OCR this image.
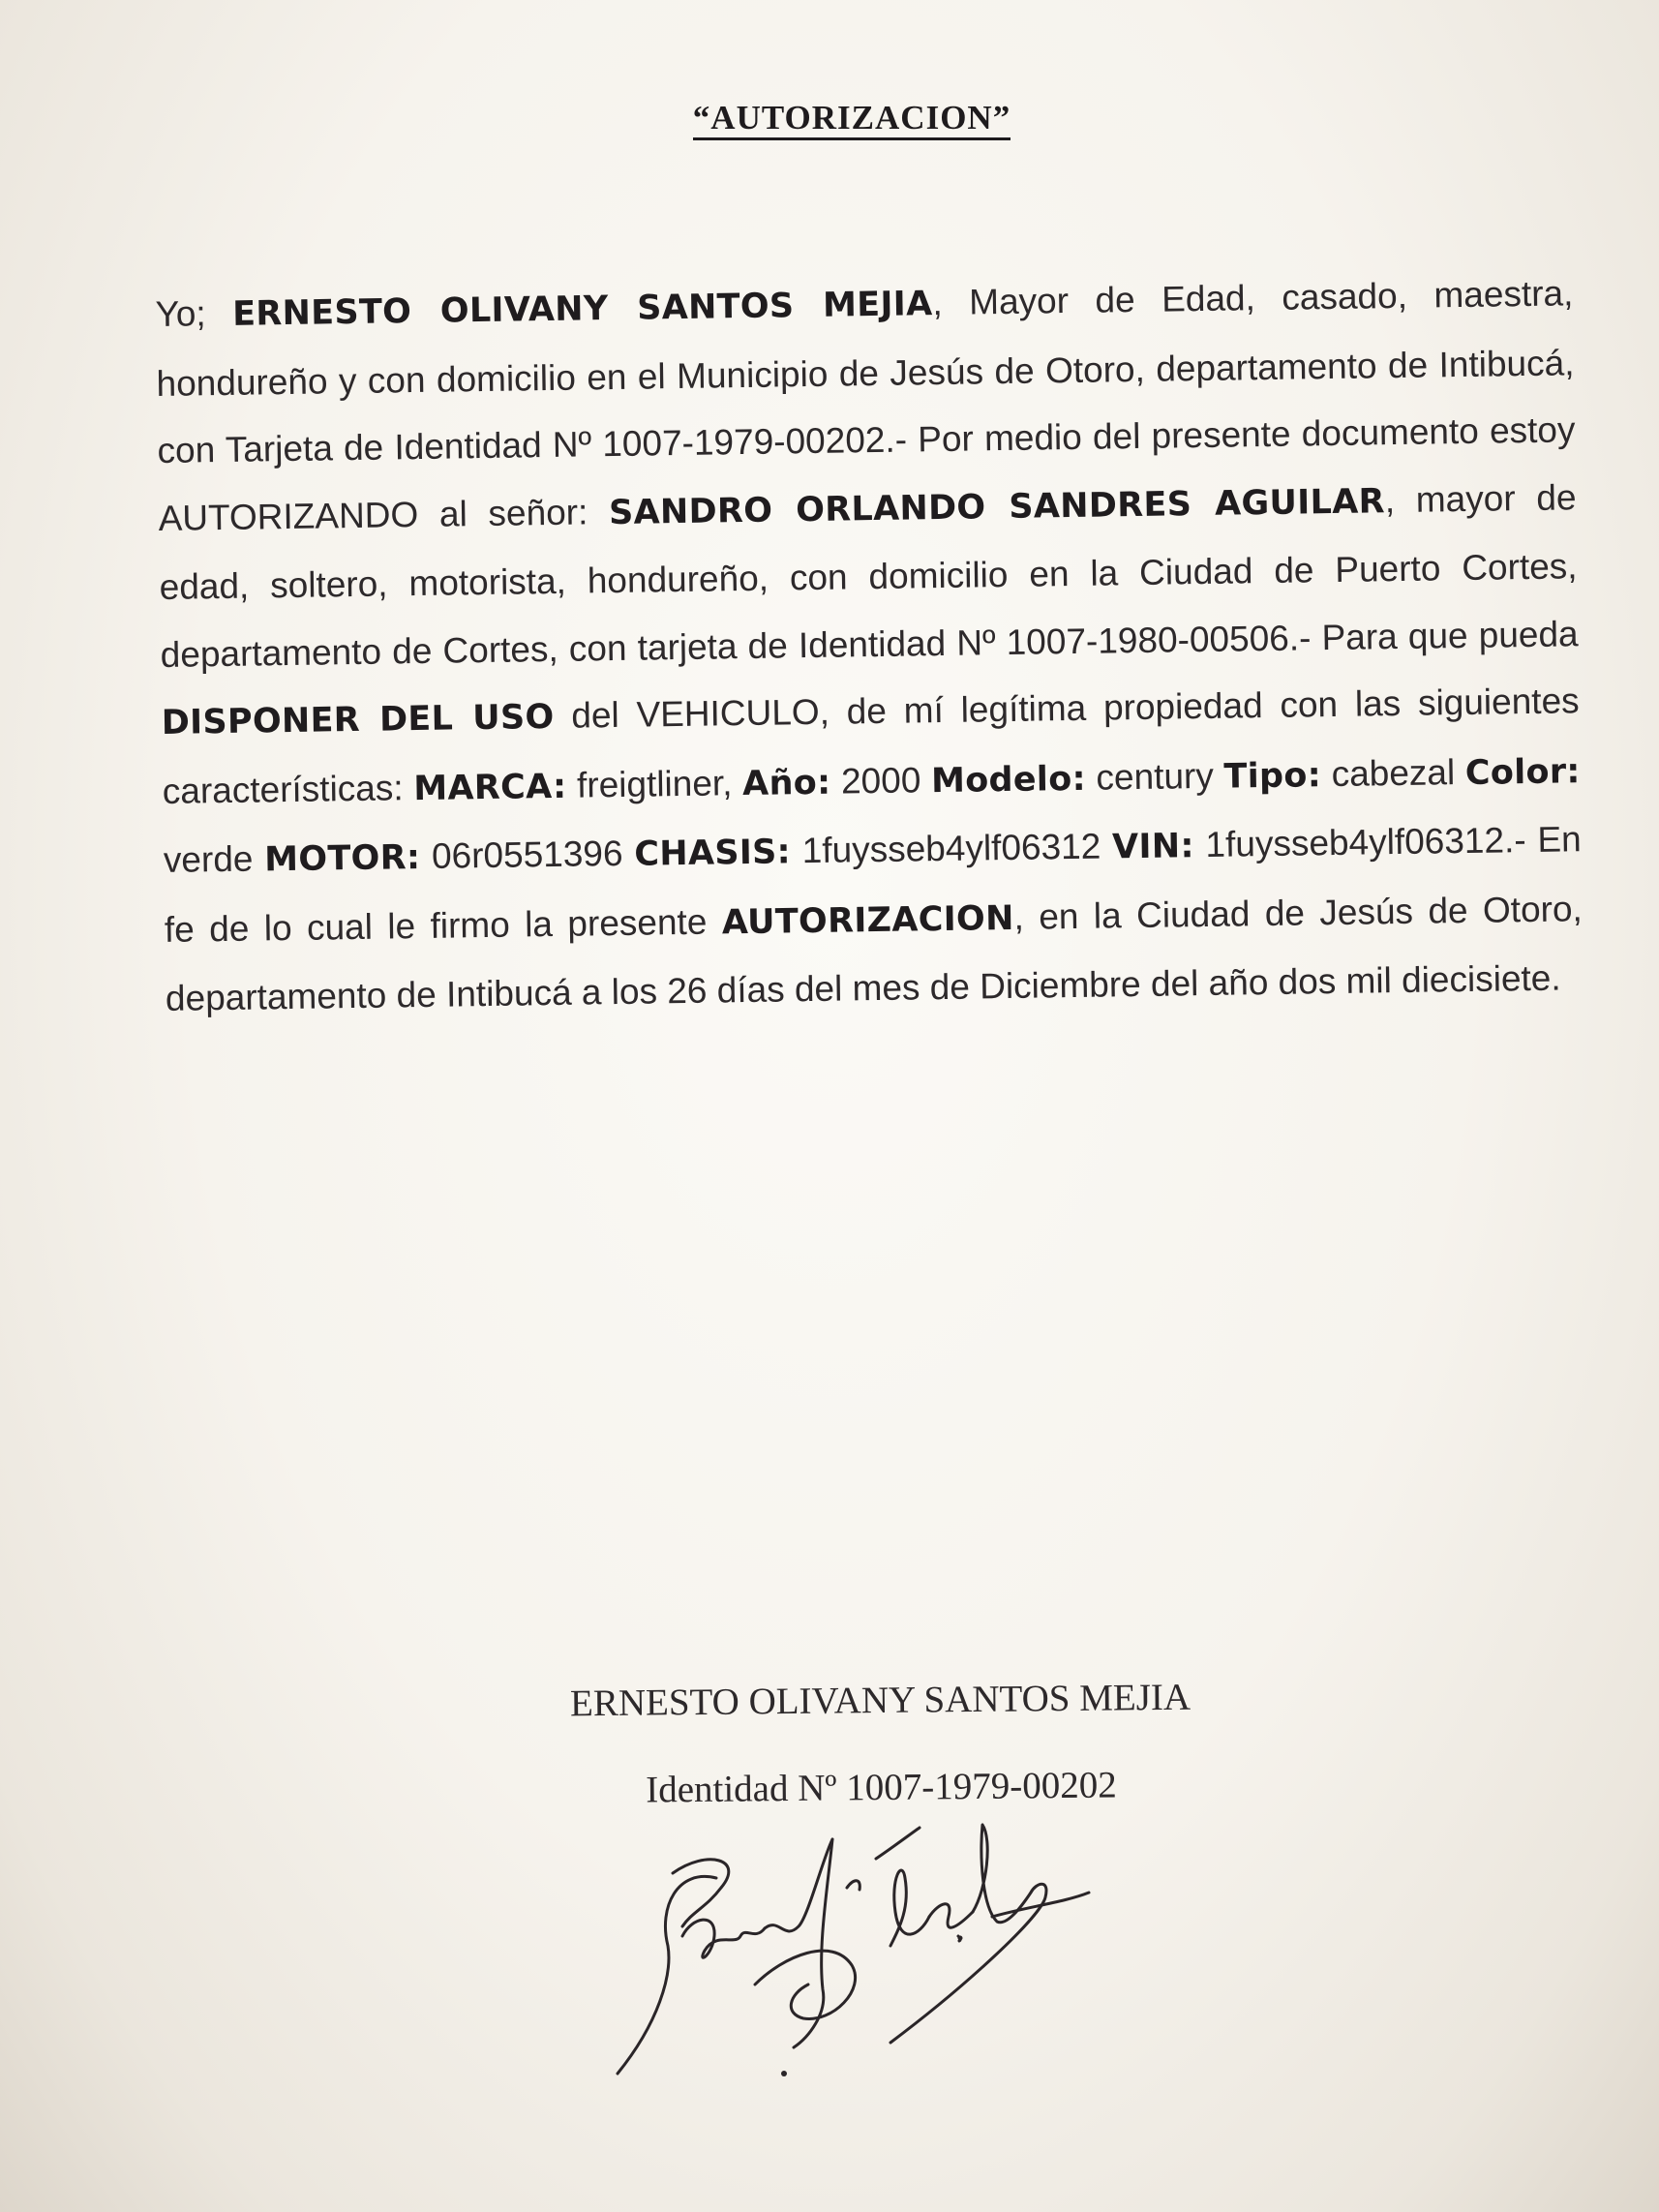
“AUTORIZACION”
Yo; ERNESTO OLIVANY SANTOS MEJIA, Mayor de Edad, casado, maestra, hondureño y con domicilio en el Municipio de Jesús de Otoro, departamento de Intibucá, con Tarjeta de Identidad Nº 1007-1979-00202.- Por medio del presente documento estoy AUTORIZANDO al señor: SANDRO ORLANDO SANDRES AGUILAR, mayor de edad, soltero, motorista, hondureño, con domicilio en la Ciudad de Puerto Cortes, departamento de Cortes, con tarjeta de Identidad Nº 1007-1980-00506.- Para que pueda DISPONER DEL USO del VEHICULO, de mí legítima propiedad con las siguientes características: MARCA: freigtliner, Año: 2000 Modelo: century Tipo: cabezal Color: verde MOTOR: 06r0551396 CHASIS: 1fuysseb4ylf06312 VIN: 1fuysseb4ylf06312.- En fe de lo cual le firmo la presente AUTORIZACION, en la Ciudad de Jesús de Otoro, departamento de Intibucá a los 26 días del mes de Diciembre del año dos mil diecisiete.
ERNESTO OLIVANY SANTOS MEJIA
Identidad Nº 1007-1979-00202
